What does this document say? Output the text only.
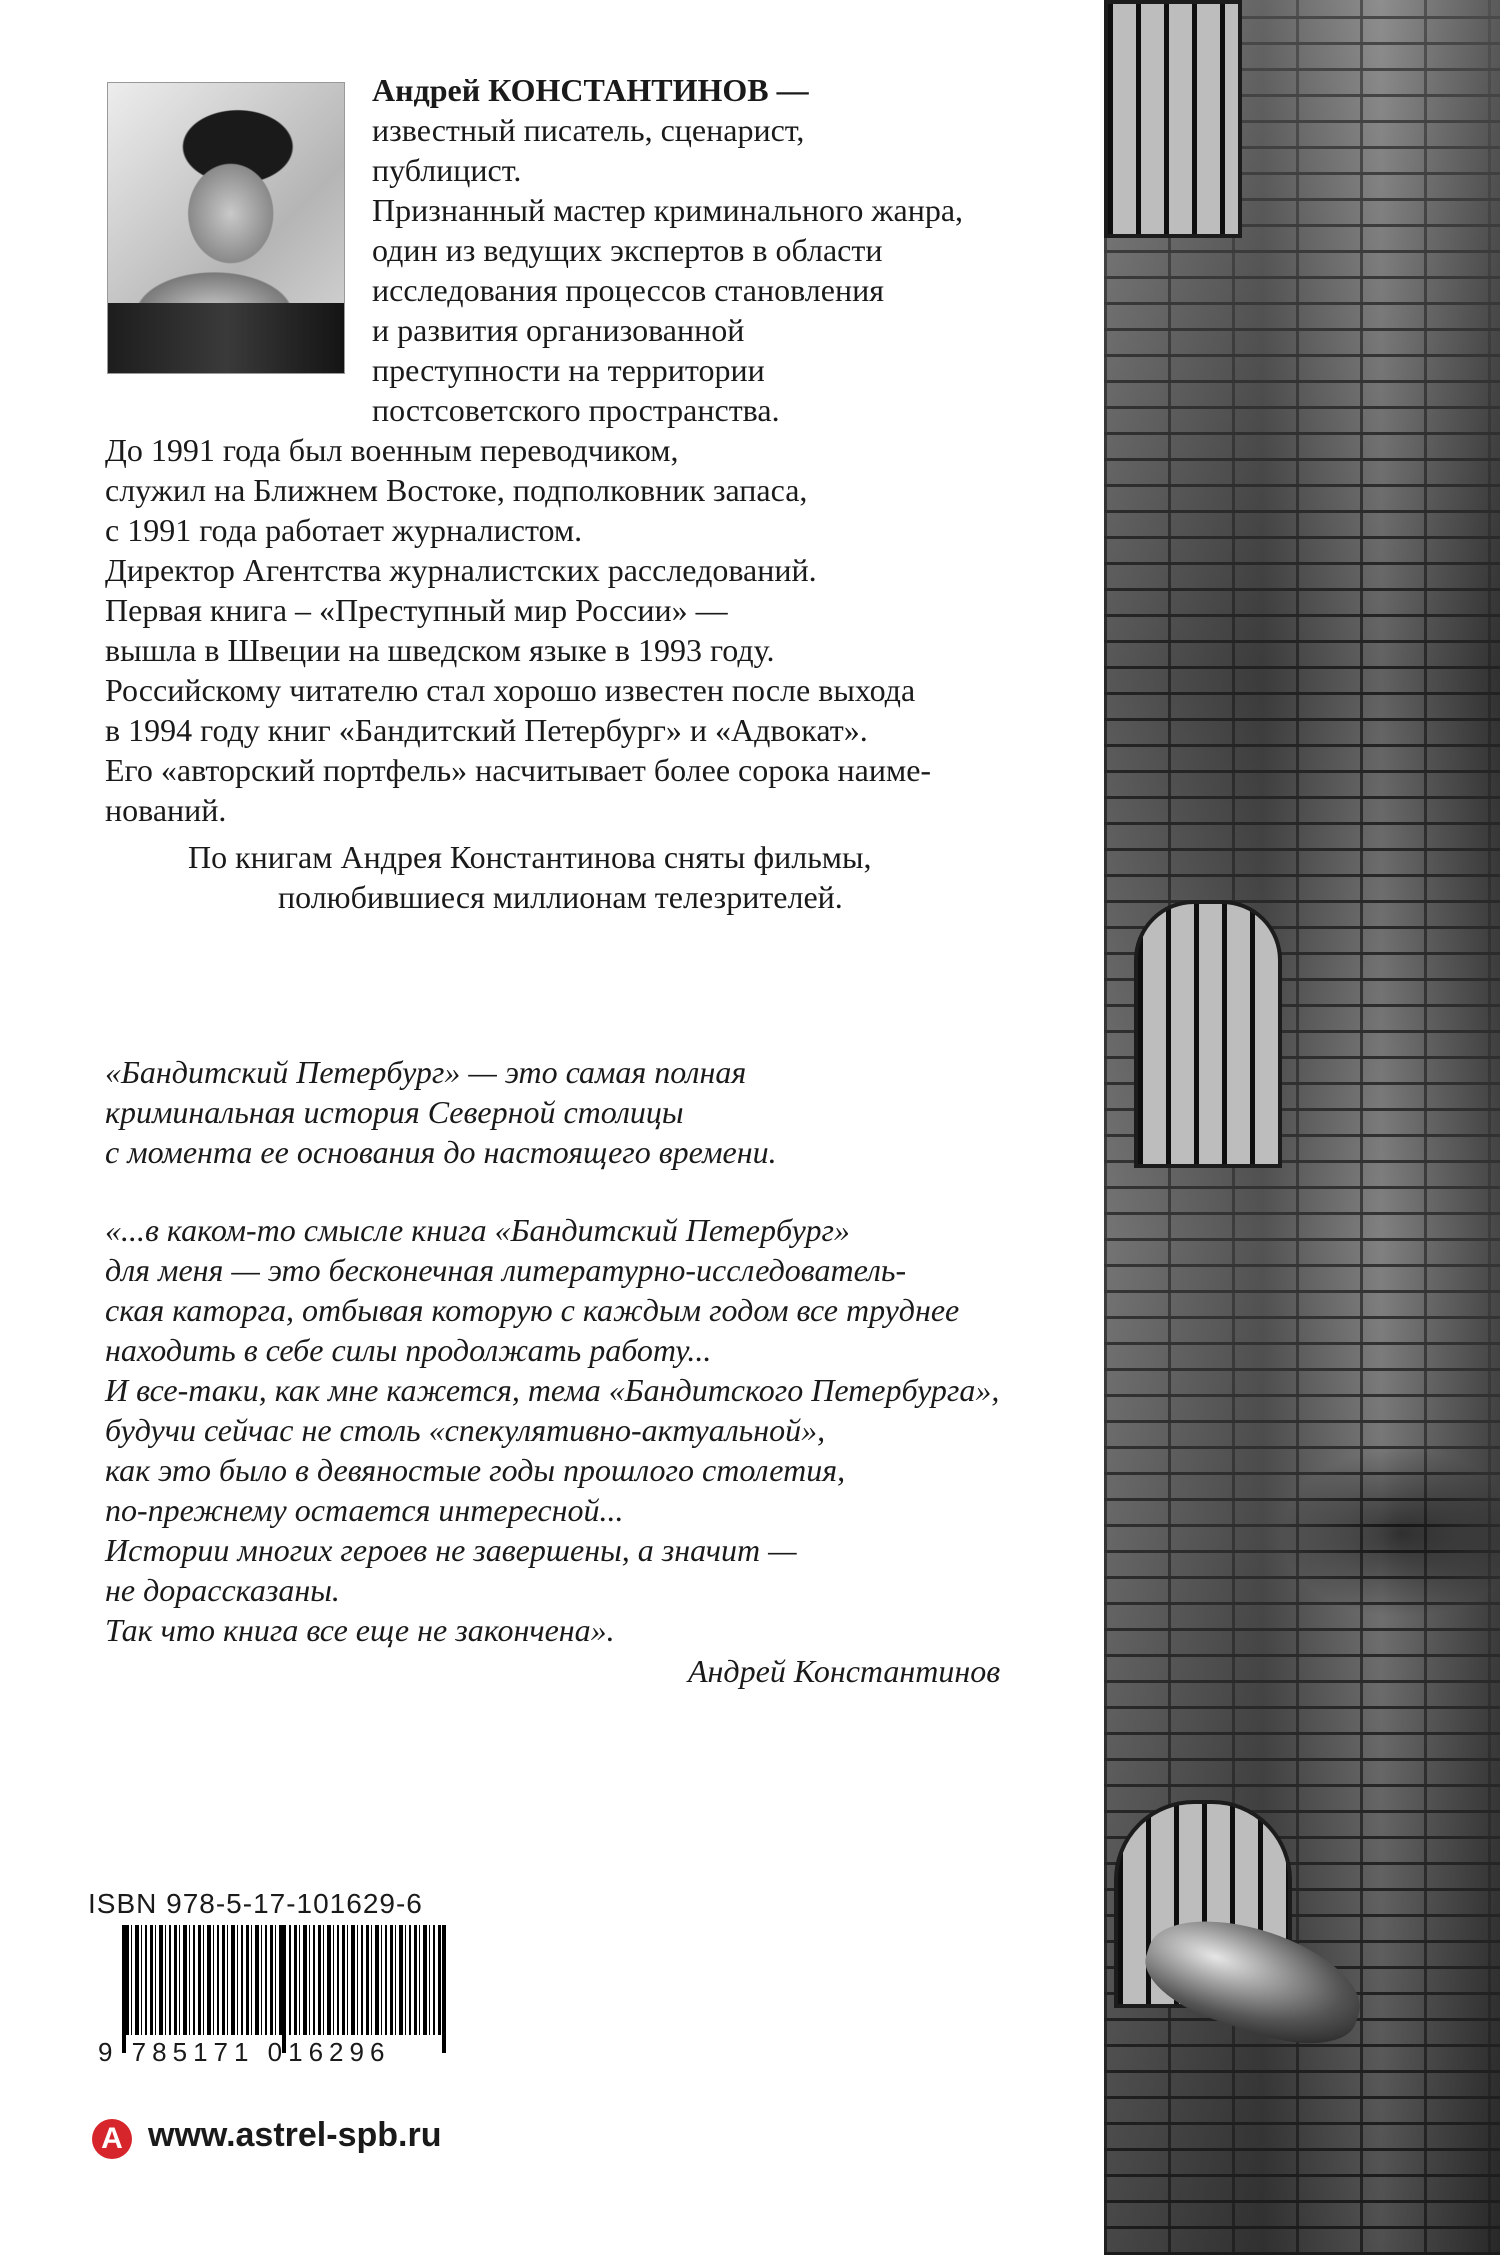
Андрей КОНСТАНТИНОВ —
известный писатель, сценарист,
публицист.
Признанный мастер криминального жанра,
один из ведущих экспертов в области
исследования процессов становления
и развития организованной
преступности на территории
постсоветского пространства.
До 1991 года был военным переводчиком,
служил на Ближнем Востоке, подполковник запаса,
с 1991 года работает журналистом.
Директор Агентства журналистских расследований.
Первая книга – «Преступный мир России» —
вышла в Швеции на шведском языке в 1993 году.
Российскому читателю стал хорошо известен после выхода
в 1994 году книг «Бандитский Петербург» и «Адвокат».
Его «авторский портфель» насчитывает более сорока наиме-
нований.
По книгам Андрея Константинова сняты фильмы,
полюбившиеся миллионам телезрителей.
«Бандитский Петербург» — это самая полная
криминальная история Северной столицы
с момента ее основания до настоящего времени.
«...в каком-то смысле книга «Бандитский Петербург»
для меня — это бесконечная литературно-исследователь-
ская каторга, отбывая которую с каждым годом все труднее
находить в себе силы продолжать работу...
И все-таки, как мне кажется, тема «Бандитского Петербурга»,
будучи сейчас не столь «спекулятивно-актуальной»,
как это было в девяностые годы прошлого столетия,
по-прежнему остается интересной...
Истории многих героев не завершены, а значит —
не дорассказаны.
Так что книга все еще не закончена».
Андрей Константинов
ISBN 978-5-17-101629-6
9 785171 016296
А www.astrel-spb.ru
